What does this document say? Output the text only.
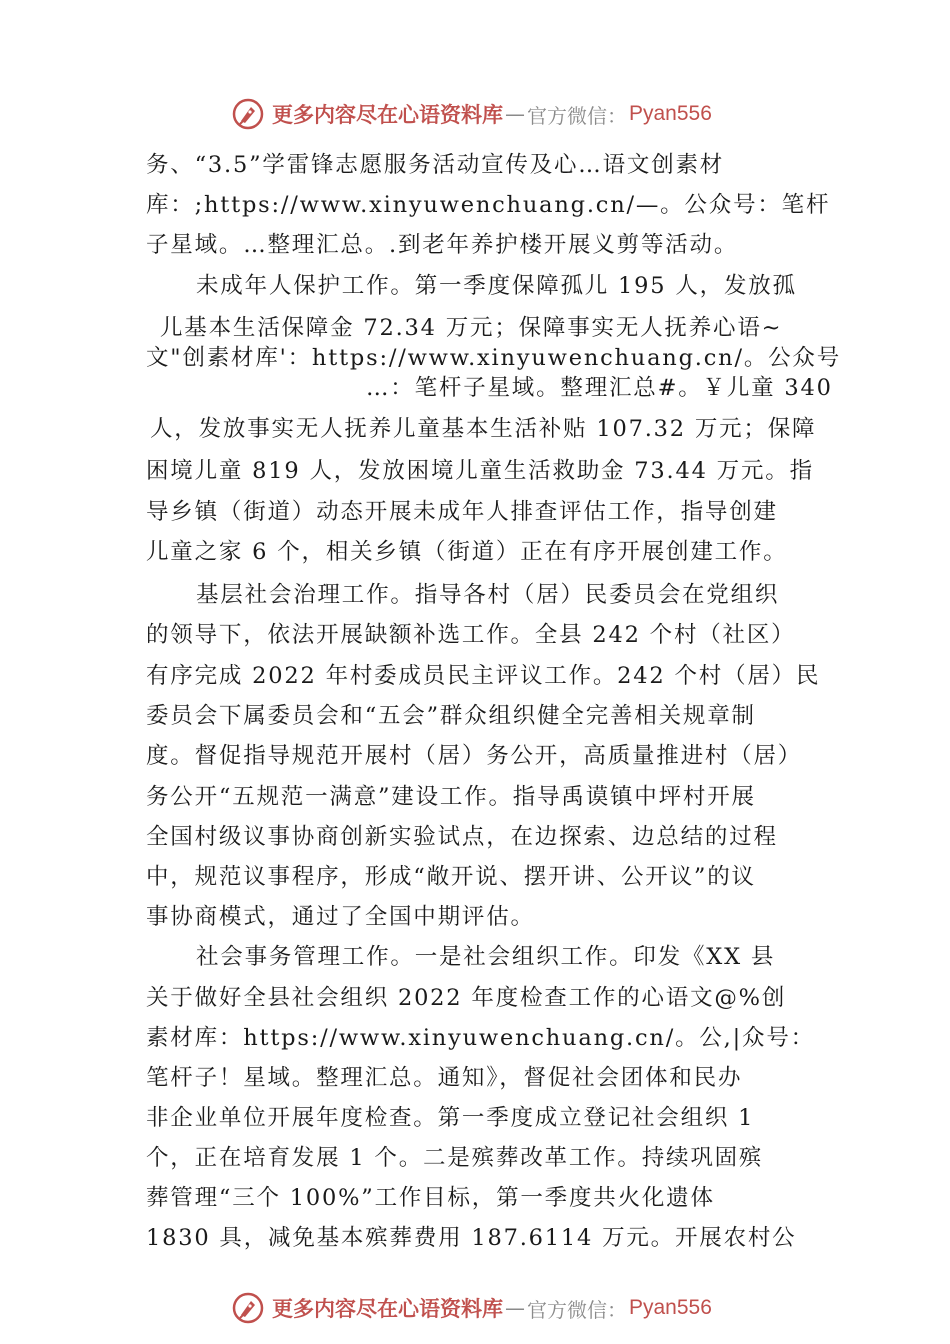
更多内容尽在心语资料库 — 官方微信： Pyan556
务、“3.5”学雷锋志愿服务活动宣传及心…语文创素材
库：;https://www.xinyuwenchuang.cn/—。公众号：笔杆
子星域。…整理汇总。.到老年养护楼开展义剪等活动。
未成年人保护工作。第一季度保障孤儿 195 人，发放孤
儿基本生活保障金 72.34 万元；保障事实无人抚养心语~
文"创素材库'：https://www.xinyuwenchuang.cn/。公众号
…：笔杆子星域。整理汇总#。￥儿童 340
人，发放事实无人抚养儿童基本生活补贴 107.32 万元；保障
困境儿童 819 人，发放困境儿童生活救助金 73.44 万元。指
导乡镇（街道）动态开展未成年人排查评估工作，指导创建
儿童之家 6 个，相关乡镇（街道）正在有序开展创建工作。
基层社会治理工作。指导各村（居）民委员会在党组织
的领导下，依法开展缺额补选工作。全县 242 个村（社区）
有序完成 2022 年村委成员民主评议工作。242 个村（居）民
委员会下属委员会和“五会”群众组织健全完善相关规章制
度。督促指导规范开展村（居）务公开，高质量推进村（居）
务公开“五规范一满意”建设工作。指导禹谟镇中坪村开展
全国村级议事协商创新实验试点，在边探索、边总结的过程
中，规范议事程序，形成“敞开说、摆开讲、公开议”的议
事协商模式，通过了全国中期评估。
社会事务管理工作。一是社会组织工作。印发《XX 县
关于做好全县社会组织 2022 年度检查工作的心语文@%创
素材库：https://www.xinyuwenchuang.cn/。公,|众号：
笔杆子！星域。整理汇总。通知》，督促社会团体和民办
非企业单位开展年度检查。第一季度成立登记社会组织 1
个，正在培育发展 1 个。二是殡葬改革工作。持续巩固殡
葬管理“三个 100%”工作目标，第一季度共火化遗体
1830 具，减免基本殡葬费用 187.6114 万元。开展农村公
更多内容尽在心语资料库 — 官方微信： Pyan556
